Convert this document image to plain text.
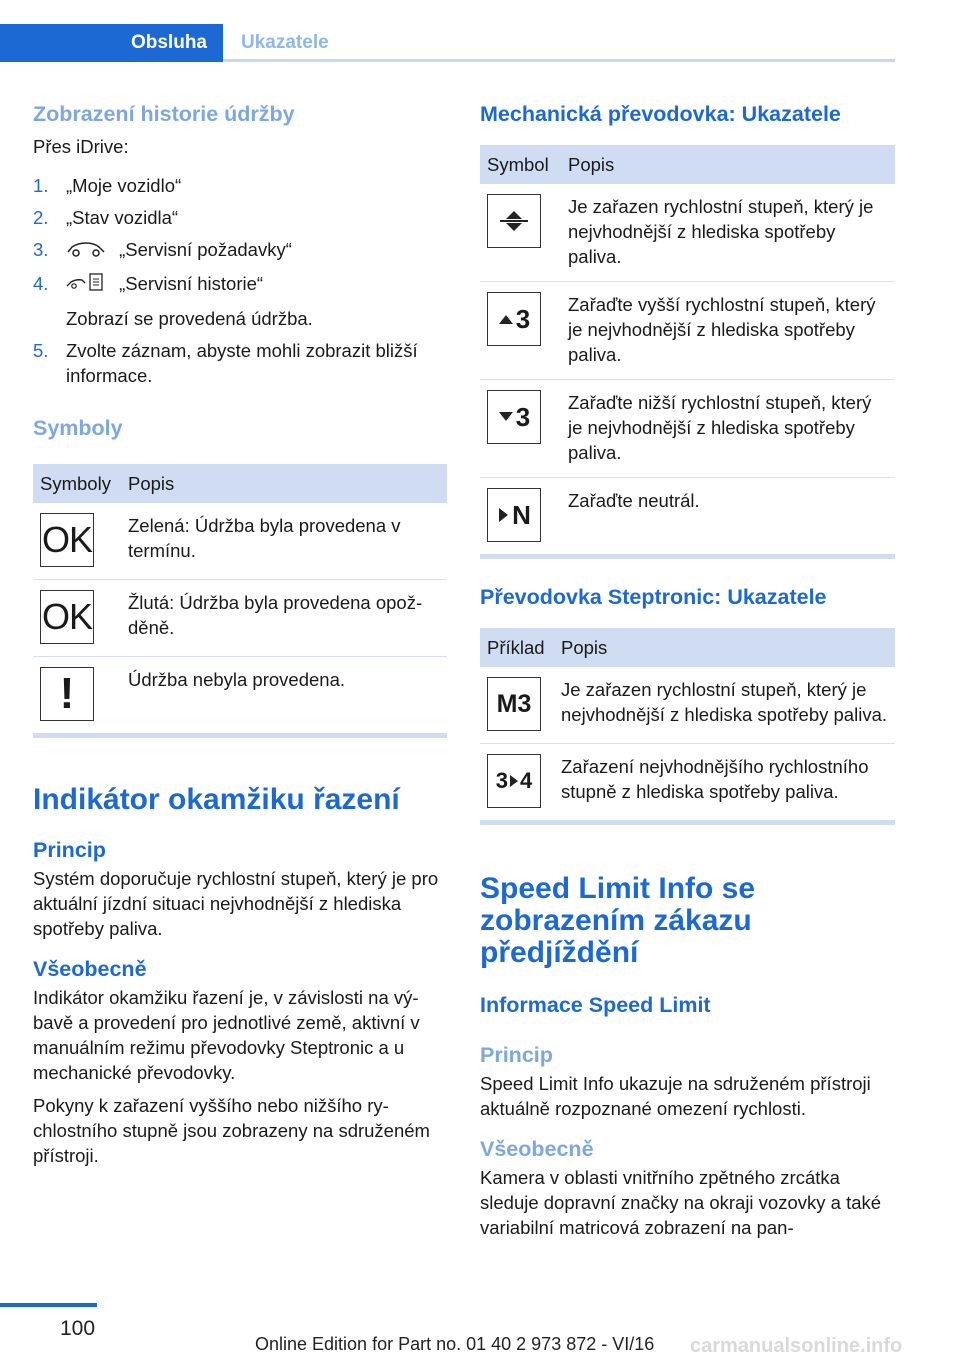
Obsluha	Ukazatele
Zobrazení historie údržby

Přes iDrive:

1. „Moje vozidlo“
2. „Stav vozidla“
3.	„Servisní požadavky“
4.	„Servisní historie“
Zobrazí se provedená údržba.
5. Zvolte záznam, abyste mohli zobrazit bližší informace.
Symboly
Symboly	Popis

OK	Zelená: Údržba byla provedena v termínu.

OK	Žlutá: Údržba byla provedena opožděně.

!	Údržba nebyla provedena.
Indikátor okamžiku řazení
Princip

Systém doporučuje rychlostní stupeň, který je pro aktuální jízdní situaci nejvhodnější z hlediska spotřeby paliva.

Všeobecně

Indikátor okamžiku řazení je, v závislosti na výbavě a provedení pro jednotlivé země, aktivní v manuálním režimu převodovky Steptronic a u mechanické převodovky.

Pokyny k zařazení vyššího nebo nižšího rychlostního stupně jsou zobrazeny na sdruženém přístroji.

Mechanická převodovka: Ukazatele
Symbol	Popis

	Je zařazen rychlostní stupeň, který je nejvhodnější z hlediska spotřeby paliva.

3	Zařaďte vyšší rychlostní stupeň, který je nejvhodnější z hlediska spotřeby paliva.

3	Zařaďte nižší rychlostní stupeň, který je nejvhodnější z hlediska spotřeby paliva.

N	Zařaďte neutrál.
Převodovka Steptronic: Ukazatele
Příklad	Popis

M3	Je zařazen rychlostní stupeň, který je nejvhodnější z hlediska spotřeby paliva.

3 4	Zařazení nejvhodnějšího rychlostního stupně z hlediska spotřeby paliva.
Speed Limit Info se zobrazením zákazu předjíždění
Informace Speed Limit
Princip

Speed Limit Info ukazuje na sdruženém přístroji aktuálně rozpoznané omezení rychlosti.

Všeobecně

Kamera v oblasti vnitřního zpětného zrcátka sleduje dopravní značky na okraji vozovky a také variabilní matricová zobrazení na pan-

100
Online Edition for Part no. 01 40 2 973 872 - VI/16 carmanualsonline.info
